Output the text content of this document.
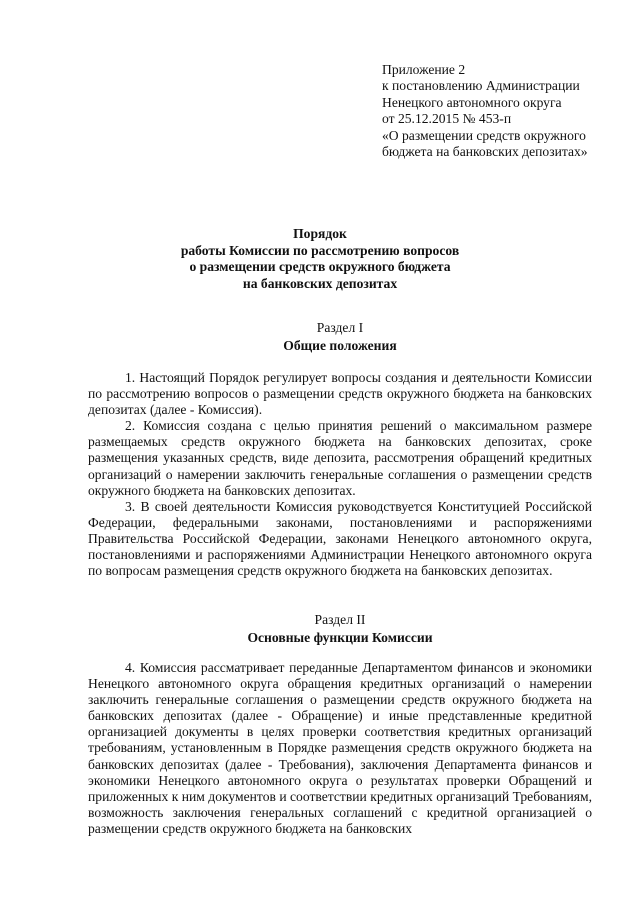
Приложение 2
к постановлению Администрации
Ненецкого автономного округа
от 25.12.2015 № 453-п
«О размещении средств окружного
бюджета на банковских депозитах»
Порядок
работы Комиссии по рассмотрению вопросов
о размещении средств окружного бюджета
на банковских депозитах
Раздел I
Общие положения

1. Настоящий Порядок регулирует вопросы создания и деятельности Комиссии по рассмотрению вопросов о размещении средств окружного бюджета на банковских депозитах (далее - Комиссия).

2. Комиссия создана с целью принятия решений о максимальном размере размещаемых средств окружного бюджета на банковских депозитах, сроке размещения указанных средств, виде депозита, рассмотрения обращений кредитных организаций о намерении заключить генеральные соглашения о размещении средств окружного бюджета на банковских депозитах.

3. В своей деятельности Комиссия руководствуется Конституцией Российской Федерации, федеральными законами, постановлениями и распоряжениями Правительства Российской Федерации, законами Ненецкого автономного округа, постановлениями и распоряжениями Администрации Ненецкого автономного округа по вопросам размещения средств окружного бюджета на банковских депозитах.

Раздел II
Основные функции Комиссии

4. Комиссия рассматривает переданные Департаментом финансов и экономики Ненецкого автономного округа обращения кредитных организаций о намерении заключить генеральные соглашения о размещении средств окружного бюджета на банковских депозитах (далее - Обращение) и иные представленные кредитной организацией документы в целях проверки соответствия кредитных организаций требованиям, установленным в Порядке размещения средств окружного бюджета на банковских депозитах (далее - Требования), заключения Департамента финансов и экономики Ненецкого автономного округа о результатах проверки Обращений и приложенных к ним документов и соответствии кредитных организаций Требованиям, возможность заключения генеральных соглашений с кредитной организацией о размещении средств окружного бюджета на банковских
